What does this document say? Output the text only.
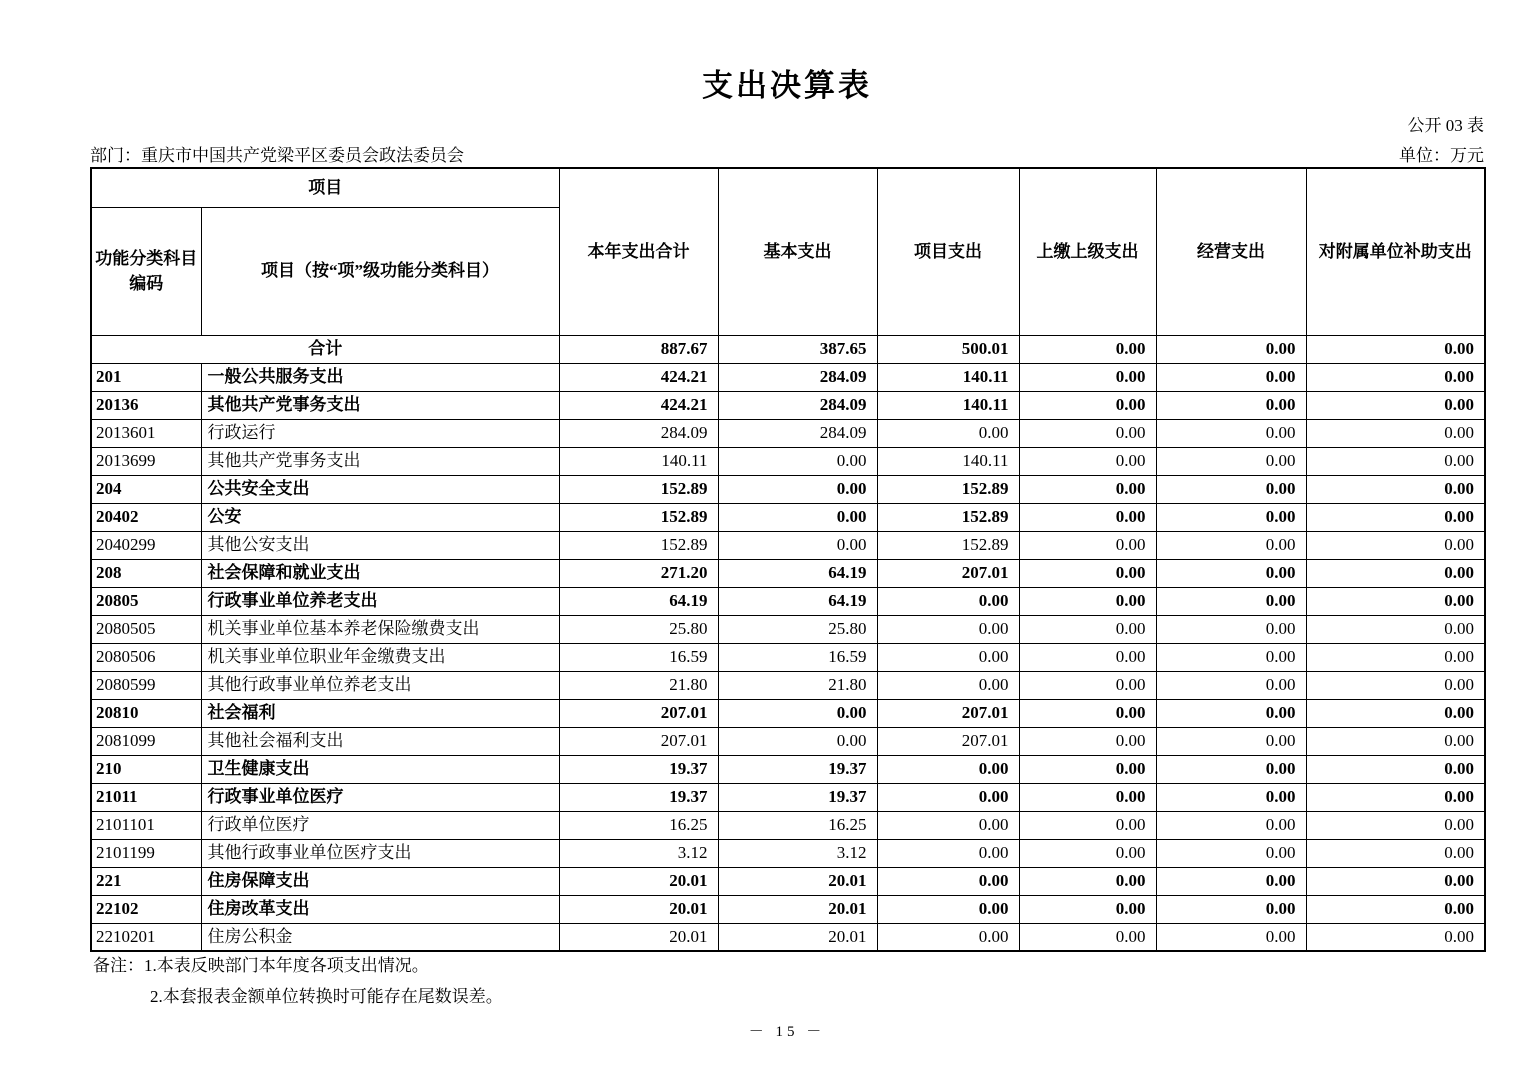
支出决算表
公开 03 表
部门：重庆市中国共产党梁平区委员会政法委员会	单位：万元
项目		本年支出合计	基本支出	项目支出	上缴上级支出	经营支出	对附属单位补助支出

功能分类科目
编码	项目（按“项”级功能分类科目）						
合计		887.67	387.65	500.01	0.00	0.00	0.00
201	一般公共服务支出	424.21	284.09	140.11	0.00	0.00	0.00
20136	其他共产党事务支出	424.21	284.09	140.11	0.00	0.00	0.00
2013601	行政运行	284.09	284.09	0.00	0.00	0.00	0.00
2013699	其他共产党事务支出	140.11	0.00	140.11	0.00	0.00	0.00
204	公共安全支出	152.89	0.00	152.89	0.00	0.00	0.00
20402	公安	152.89	0.00	152.89	0.00	0.00	0.00
2040299	其他公安支出	152.89	0.00	152.89	0.00	0.00	0.00
208	社会保障和就业支出	271.20	64.19	207.01	0.00	0.00	0.00
20805	行政事业单位养老支出	64.19	64.19	0.00	0.00	0.00	0.00
2080505	机关事业单位基本养老保险缴费支出	25.80	25.80	0.00	0.00	0.00	0.00
2080506	机关事业单位职业年金缴费支出	16.59	16.59	0.00	0.00	0.00	0.00
2080599	其他行政事业单位养老支出	21.80	21.80	0.00	0.00	0.00	0.00
20810	社会福利	207.01	0.00	207.01	0.00	0.00	0.00
2081099	其他社会福利支出	207.01	0.00	207.01	0.00	0.00	0.00
210	卫生健康支出	19.37	19.37	0.00	0.00	0.00	0.00
21011	行政事业单位医疗	19.37	19.37	0.00	0.00	0.00	0.00
2101101	行政单位医疗	16.25	16.25	0.00	0.00	0.00	0.00
2101199	其他行政事业单位医疗支出	3.12	3.12	0.00	0.00	0.00	0.00
221	住房保障支出	20.01	20.01	0.00	0.00	0.00	0.00
22102	住房改革支出	20.01	20.01	0.00	0.00	0.00	0.00
2210201	住房公积金	20.01	20.01	0.00	0.00	0.00	0.00
备注：1.本表反映部门本年度各项支出情况。
2.本套报表金额单位转换时可能存在尾数误差。
－ 15 －
